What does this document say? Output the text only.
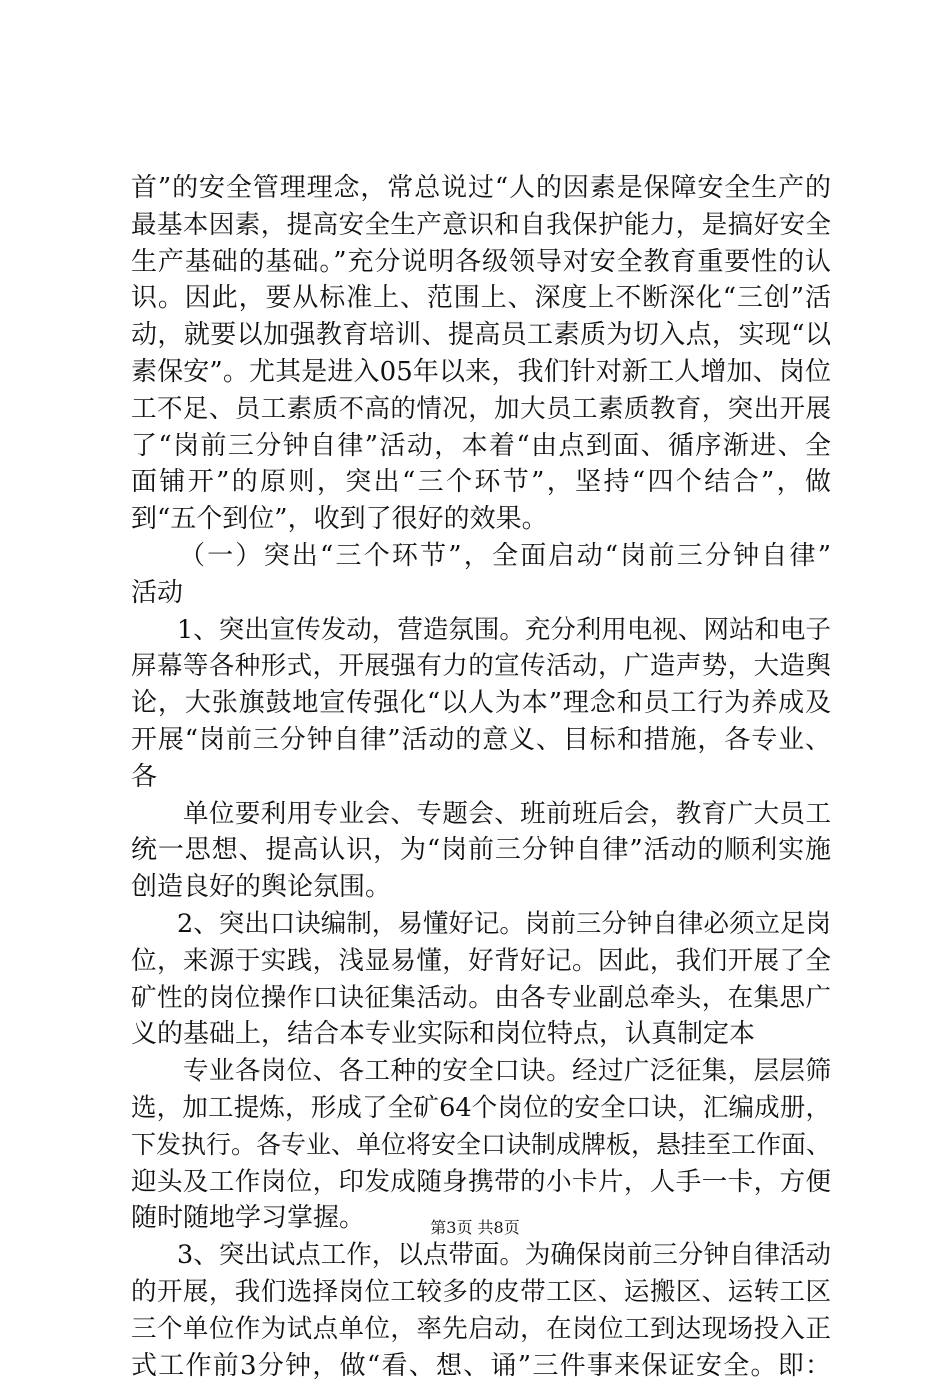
首”的安全管理理念，常总说过“人的因素是保障安全生产的
最基本因素，提高安全生产意识和自我保护能力，是搞好安全
生产基础的基础。”充分说明各级领导对安全教育重要性的认
识。因此，要从标准上、范围上、深度上不断深化“三创”活
动，就要以加强教育培训、提高员工素质为切入点，实现“以
素保安”。尤其是进入05年以来，我们针对新工人增加、岗位
工不足、员工素质不高的情况，加大员工素质教育，突出开展
了“岗前三分钟自律”活动，本着“由点到面、循序渐进、全
面铺开”的原则，突出“三个环节”，坚持“四个结合”，做
到“五个到位”，收到了很好的效果。
（一）突出“三个环节”，全面启动“岗前三分钟自律”
活动
1、突出宣传发动，营造氛围。充分利用电视、网站和电子
屏幕等各种形式，开展强有力的宣传活动，广造声势，大造舆
论，大张旗鼓地宣传强化“以人为本”理念和员工行为养成及
开展“岗前三分钟自律”活动的意义、目标和措施，各专业、
各
单位要利用专业会、专题会、班前班后会，教育广大员工
统一思想、提高认识，为“岗前三分钟自律”活动的顺利实施
创造良好的舆论氛围。
2、突出口诀编制，易懂好记。岗前三分钟自律必须立足岗
位，来源于实践，浅显易懂，好背好记。因此，我们开展了全
矿性的岗位操作口诀征集活动。由各专业副总牵头，在集思广
义的基础上，结合本专业实际和岗位特点，认真制定本
专业各岗位、各工种的安全口诀。经过广泛征集，层层筛
选，加工提炼，形成了全矿64个岗位的安全口诀，汇编成册，
下发执行。各专业、单位将安全口诀制成牌板，悬挂至工作面、
迎头及工作岗位，印发成随身携带的小卡片，人手一卡，方便
随时随地学习掌握。
3、突出试点工作，以点带面。为确保岗前三分钟自律活动
的开展，我们选择岗位工较多的皮带工区、运搬区、运转工区
三个单位作为试点单位，率先启动，在岗位工到达现场投入正
式工作前3分钟，做“看、想、诵”三件事来保证安全。即：
第3页 共8页
